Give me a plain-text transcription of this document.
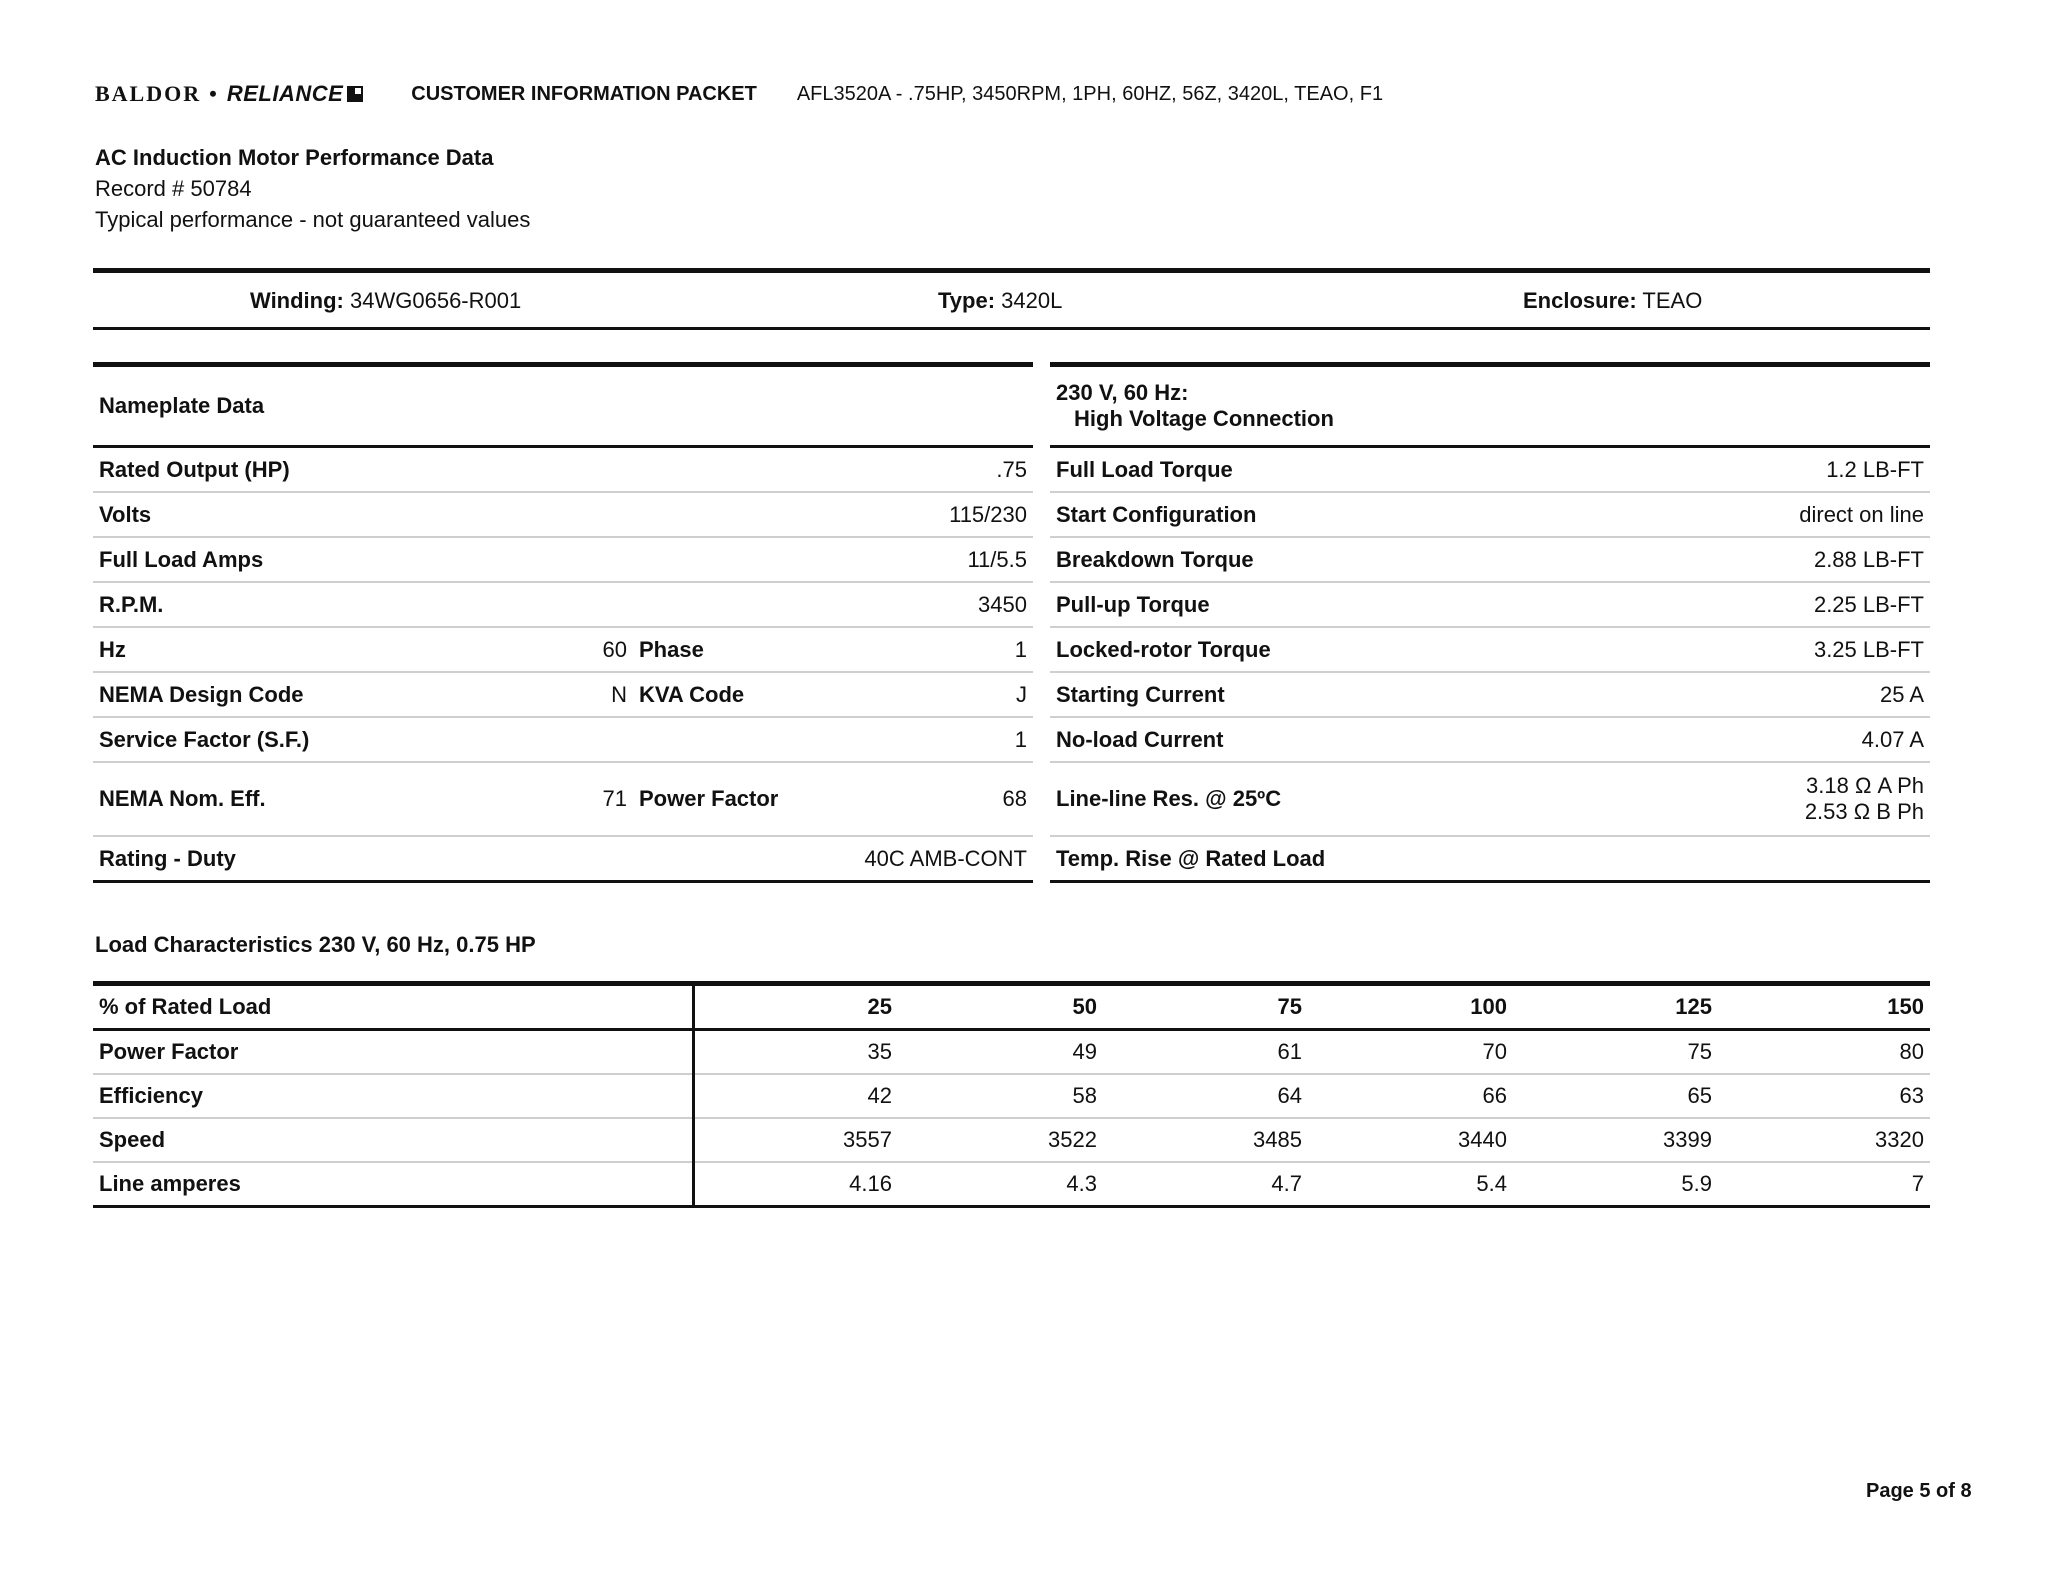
BALDOR • RELIANCE	CUSTOMER INFORMATION PACKET AFL3520A - .75HP, 3450RPM, 1PH, 60HZ, 56Z, 3420L, TEAO, F1
AC Induction Motor Performance Data
Record # 50784
Typical performance - not guaranteed values
Winding: 34WG0656-R001	Type: 3420L	Enclosure: TEAO
Nameplate Data			
Rated Output (HP)		.75	
Volts		115/230	
Full Load Amps		11/5.5	
R.P.M.		3450	
Hz	60	Phase	1
NEMA Design Code	N	KVA Code	J
Service Factor (S.F.)		1	
NEMA Nom. Eff.	71	Power Factor	68
Rating - Duty		40C AMB-CONT	
230 V, 60 Hz:
High Voltage Connection	

Full Load Torque	1.2 LB-FT
Start Configuration	direct on line
Breakdown Torque	2.88 LB-FT
Pull-up Torque	2.25 LB-FT
Locked-rotor Torque	3.25 LB-FT
Starting Current	25 A
No-load Current	4.07 A
Line-line Res. @ 25ºC	3.18 Ω A Ph
2.53 Ω B Ph

Temp. Rise @ Rated Load	
Load Characteristics 230 V, 60 Hz, 0.75 HP
% of Rated Load	25	50	75	100	125	150
Power Factor	35	49	61	70	75	80
Efficiency	42	58	64	66	65	63
Speed	3557	3522	3485	3440	3399	3320
Line amperes	4.16	4.3	4.7	5.4	5.9	7
Page 5 of 8
